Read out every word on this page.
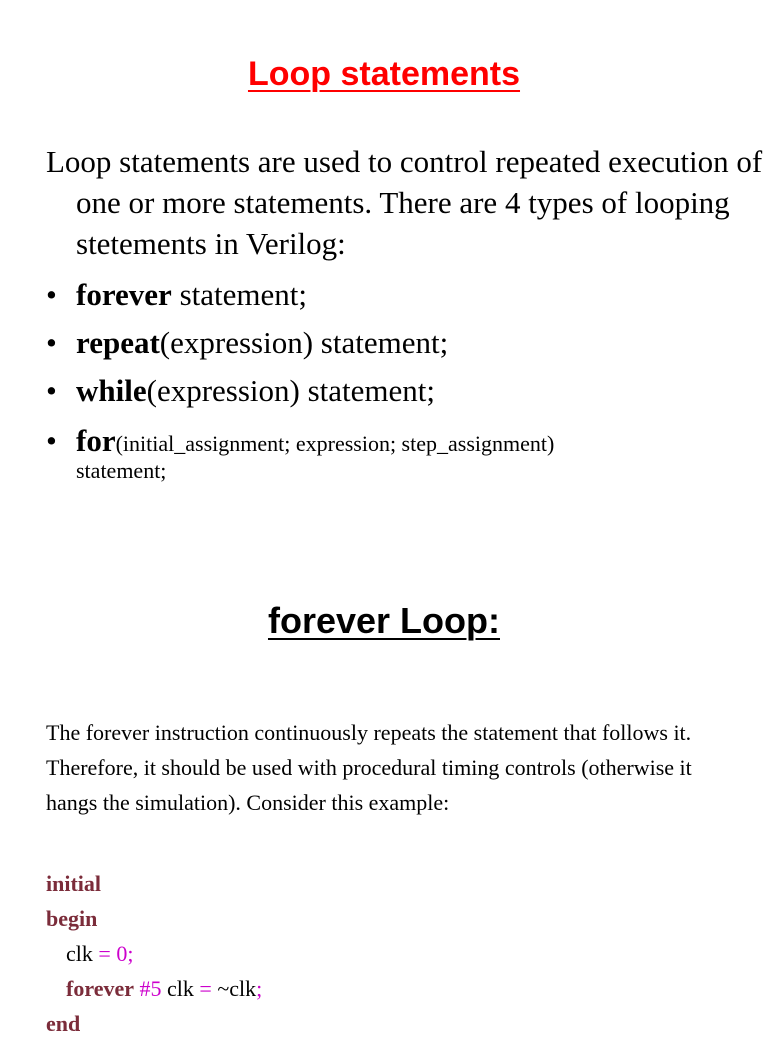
Loop statements

Loop statements are used to control repeated execution of one or more statements. There are 4 types of looping stetements in Verilog:

• forever statement;
• repeat(expression) statement;
• while(expression) statement;
• for(initial_assignment; expression; step_assignment)
statement;
forever Loop:

The forever instruction continuously repeats the statement that follows it. Therefore, it should be used with procedural timing controls (otherwise it hangs the simulation). Consider this example:

initial
begin
clk = 0;
forever #5 clk = ~clk;
end
